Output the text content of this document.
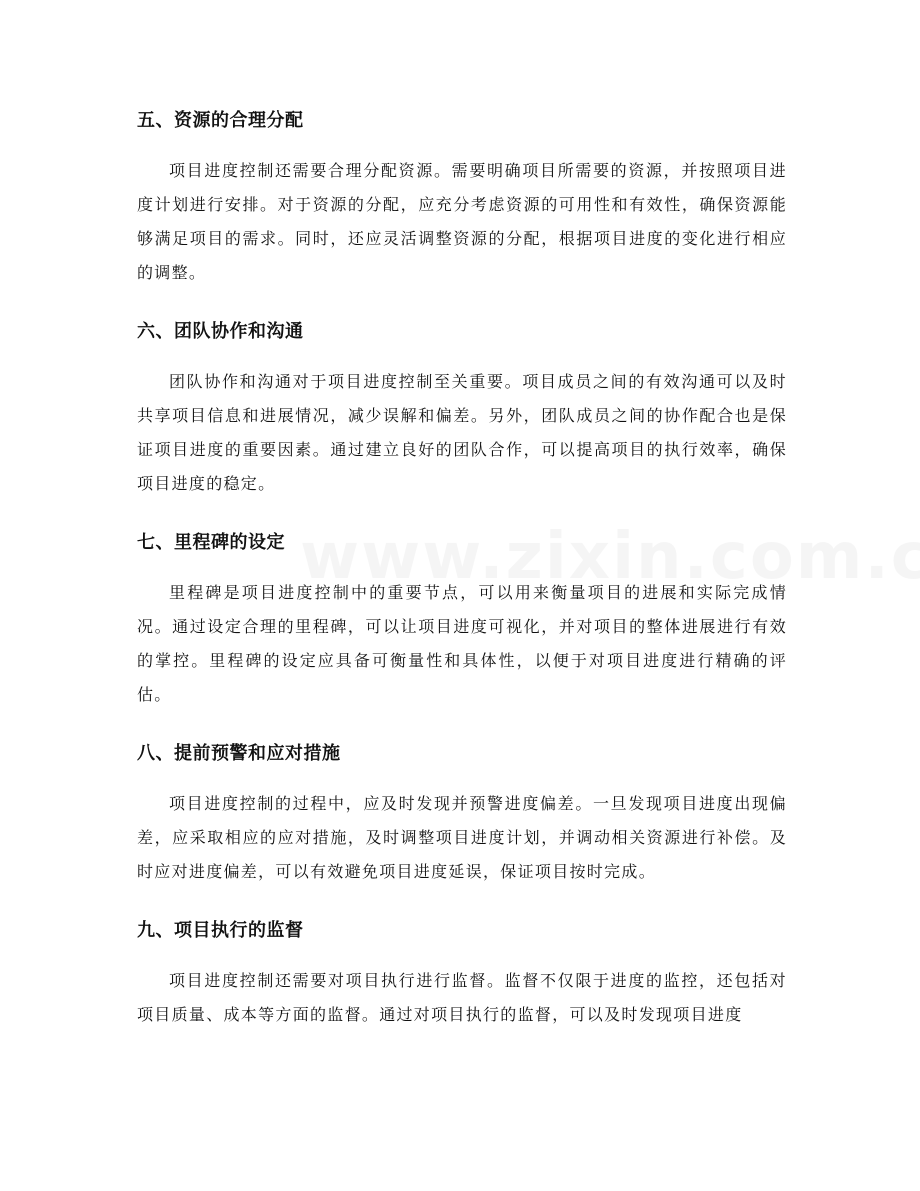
五、资源的合理分配

项目进度控制还需要合理分配资源。需要明确项目所需要的资源，并按照项目进度计划进行安排。对于资源的分配，应充分考虑资源的可用性和有效性，确保资源能够满足项目的需求。同时，还应灵活调整资源的分配，根据项目进度的变化进行相应的调整。

六、团队协作和沟通

团队协作和沟通对于项目进度控制至关重要。项目成员之间的有效沟通可以及时共享项目信息和进展情况，减少误解和偏差。另外，团队成员之间的协作配合也是保证项目进度的重要因素。通过建立良好的团队合作，可以提高项目的执行效率，确保项目进度的稳定。

七、里程碑的设定

里程碑是项目进度控制中的重要节点，可以用来衡量项目的进展和实际完成情况。通过设定合理的里程碑，可以让项目进度可视化，并对项目的整体进展进行有效的掌控。里程碑的设定应具备可衡量性和具体性，以便于对项目进度进行精确的评估。

八、提前预警和应对措施

项目进度控制的过程中，应及时发现并预警进度偏差。一旦发现项目进度出现偏差，应采取相应的应对措施，及时调整项目进度计划，并调动相关资源进行补偿。及时应对进度偏差，可以有效避免项目进度延误，保证项目按时完成。

九、项目执行的监督

项目进度控制还需要对项目执行进行监督。监督不仅限于进度的监控，还包括对项目质量、成本等方面的监督。通过对项目执行的监督，可以及时发现项目进度
